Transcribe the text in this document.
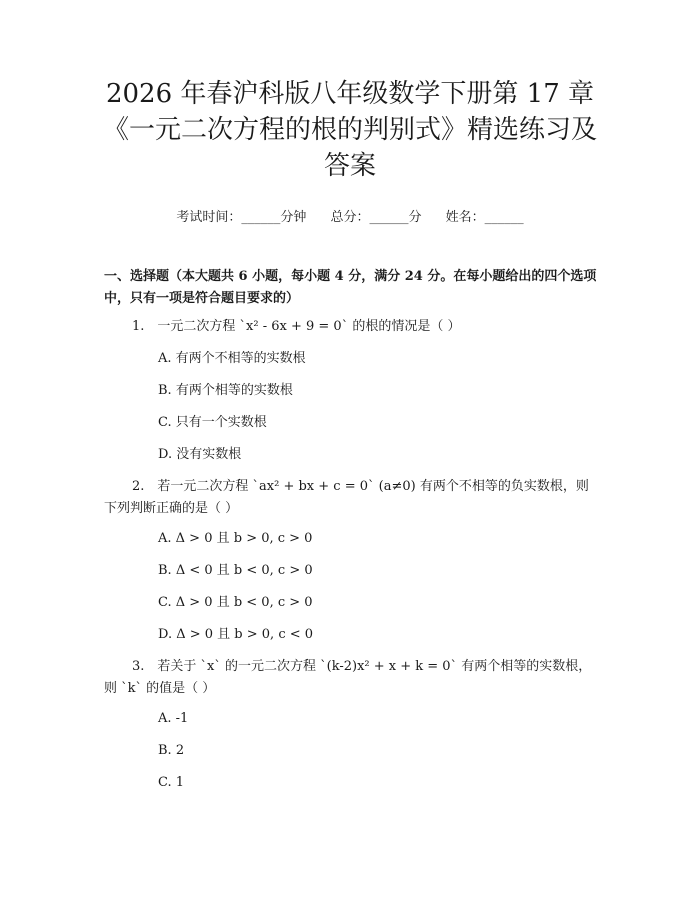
2026 年春沪科版八年级数学下册第 17 章
《一元二次方程的根的判别式》精选练习及
答案
考试时间：______分钟 总分：______分 姓名：______

一、选择题（本大题共 6 小题，每小题 4 分，满分 24 分。在每小题给出的四个选项中，只有一项是符合题目要求的）

1.　一元二次方程 `x² - 6x + 9 = 0` 的根的情况是（ ）

A. 有两个不相等的实数根

B. 有两个相等的实数根

C. 只有一个实数根

D. 没有实数根

2.　若一元二次方程 `ax² + bx + c = 0` (a≠0) 有两个不相等的负实数根，则下列判断正确的是（ ）

A. Δ > 0 且 b > 0, c > 0

B. Δ < 0 且 b < 0, c > 0

C. Δ > 0 且 b < 0, c > 0

D. Δ > 0 且 b > 0, c < 0

3.　若关于 `x` 的一元二次方程 `(k-2)x² + x + k = 0` 有两个相等的实数根，则 `k` 的值是（ ）

A. -1

B. 2

C. 1
